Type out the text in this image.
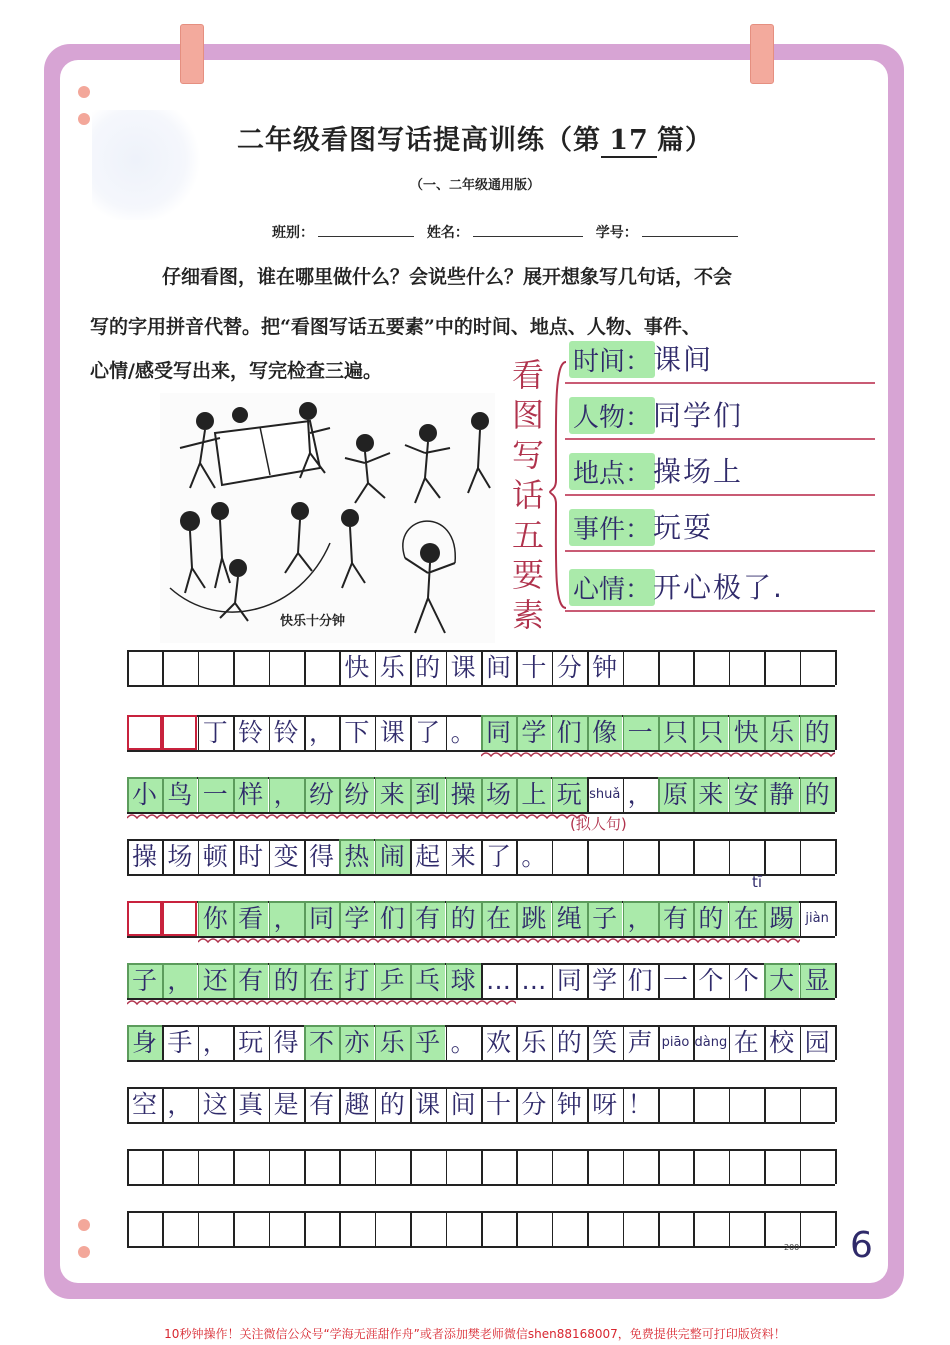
二年级看图写话提高训练（第 17 篇）
（一、二年级通用版）
班别：	姓名：	学号：
仔细看图，谁在哪里做什么？会说些什么？展开想象写几句话，不会
写的字用拼音代替。把“看图写话五要素”中的时间、地点、人物、事件、
心情/感受写出来，写完检查三遍。
快乐十分钟
看
图
写
话
五
要
素
时间： 课间
人物： 同学们
地点： 操场上
事件： 玩耍
心情： 开心极了.
快 乐 的 课 间 十 分 钟
丁 铃 铃 ， 下 课 了 。 同 学 们 像 一 只 只 快 乐 的
小 鸟 一 样 ， 纷 纷 来 到 操 场 上 玩 shuǎ ， 原 来 安 静 的
操 场 顿 时 变 得 热 闹 起 来 了 。
你 看 ， 同 学 们 有 的 在 跳 绳 子 ， 有 的 在 踢 jiàn
子 ， 还 有 的 在 打 乒 乓 球 … … 同 学 们 一 个 个 大 显
身 手 ， 玩 得 不 亦 乐 乎 。 欢 乐 的 笑 声 piāo dàng 在 校 园
空 ， 这 真 是 有 趣 的 课 间 十 分 钟 呀 ！
(拟人句)
tī
200 6
10秒钟操作！关注微信公众号“学海无涯甜作舟”或者添加樊老师微信shen88168007，免费提供完整可打印版资料！
